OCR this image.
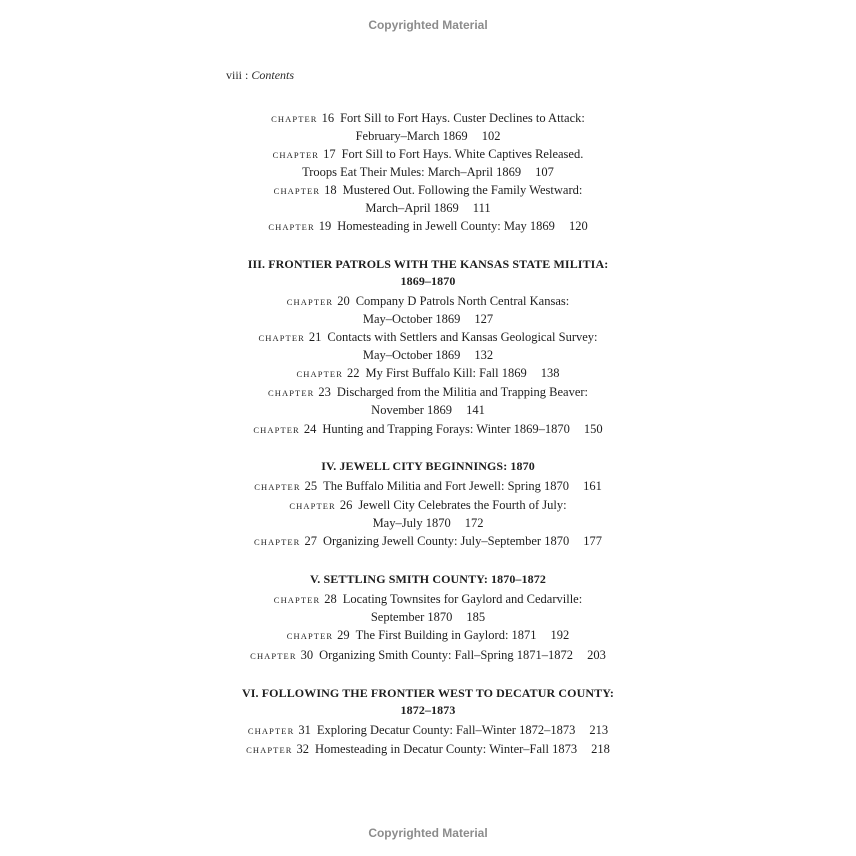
Copyrighted Material
viii : Contents
CHAPTER 16 Fort Sill to Fort Hays. Custer Declines to Attack:
February–March 1869 102
CHAPTER 17 Fort Sill to Fort Hays. White Captives Released.
Troops Eat Their Mules: March–April 1869 107
CHAPTER 18 Mustered Out. Following the Family Westward:
March–April 1869 111
CHAPTER 19 Homesteading in Jewell County: May 1869 120
III. FRONTIER PATROLS WITH THE KANSAS STATE MILITIA:
1869–1870
CHAPTER 20 Company D Patrols North Central Kansas:
May–October 1869 127
CHAPTER 21 Contacts with Settlers and Kansas Geological Survey:
May–October 1869 132
CHAPTER 22 My First Buffalo Kill: Fall 1869 138
CHAPTER 23 Discharged from the Militia and Trapping Beaver:
November 1869 141
CHAPTER 24 Hunting and Trapping Forays: Winter 1869–1870 150
IV. JEWELL CITY BEGINNINGS: 1870
CHAPTER 25 The Buffalo Militia and Fort Jewell: Spring 1870 161
CHAPTER 26 Jewell City Celebrates the Fourth of July:
May–July 1870 172
CHAPTER 27 Organizing Jewell County: July–September 1870 177
V. SETTLING SMITH COUNTY: 1870–1872
CHAPTER 28 Locating Townsites for Gaylord and Cedarville:
September 1870 185
CHAPTER 29 The First Building in Gaylord: 1871 192
CHAPTER 30 Organizing Smith County: Fall–Spring 1871–1872 203
VI. FOLLOWING THE FRONTIER WEST TO DECATUR COUNTY:
1872–1873
CHAPTER 31 Exploring Decatur County: Fall–Winter 1872–1873 213
CHAPTER 32 Homesteading in Decatur County: Winter–Fall 1873 218
Copyrighted Material
